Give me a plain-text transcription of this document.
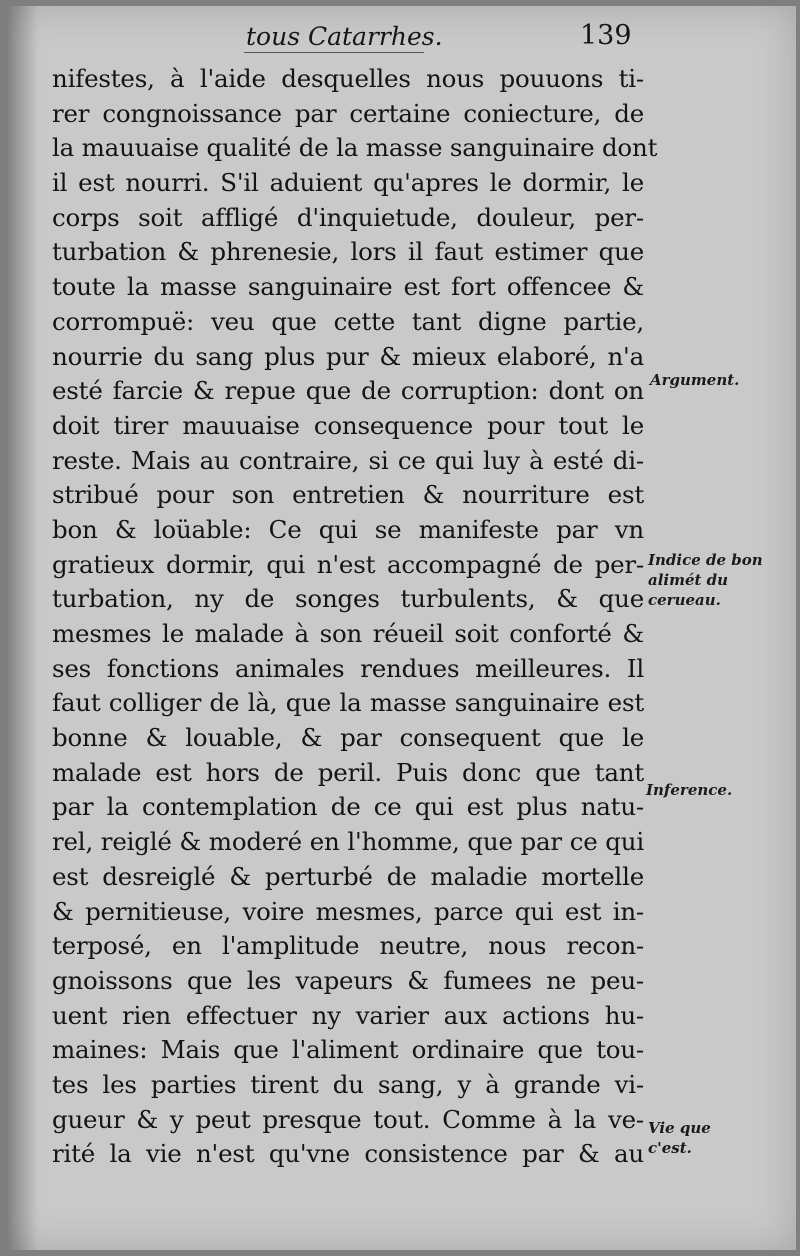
tous Catarrhes.	139
nifestes, à l'aide desquelles nous pouuons ti-
rer congnoissance par certaine coniecture, de
la mauuaise qualité de la masse sanguinaire dont
il est nourri. S'il aduient qu'apres le dormir, le
corps soit affligé d'inquietude, douleur, per-
turbation & phrenesie, lors il faut estimer que
toute la masse sanguinaire est fort offencee &
corrompuë: veu que cette tant digne partie,
nourrie du sang plus pur & mieux elaboré, n'a
esté farcie & repue que de corruption: dont on
doit tirer mauuaise consequence pour tout le
reste. Mais au contraire, si ce qui luy à esté di-
stribué pour son entretien & nourriture est
bon & loüable: Ce qui se manifeste par vn
gratieux dormir, qui n'est accompagné de per-
turbation, ny de songes turbulents, & que
mesmes le malade à son réueil soit conforté &
ses fonctions animales rendues meilleures. Il
faut colliger de là, que la masse sanguinaire est
bonne & louable, & par consequent que le
malade est hors de peril. Puis donc que tant
par la contemplation de ce qui est plus natu-
rel, reiglé & moderé en l'homme, que par ce qui
est desreiglé & perturbé de maladie mortelle
& pernitieuse, voire mesmes, parce qui est in-
terposé, en l'amplitude neutre, nous recon-
gnoissons que les vapeurs & fumees ne peu-
uent rien effectuer ny varier aux actions hu-
maines: Mais que l'aliment ordinaire que tou-
tes les parties tirent du sang, y à grande vi-
gueur & y peut presque tout. Comme à la ve-
rité la vie n'est qu'vne consistence par & au
Argument.
Indice de bon alimét du cerueau.
Inference.
Vie que c'est.
